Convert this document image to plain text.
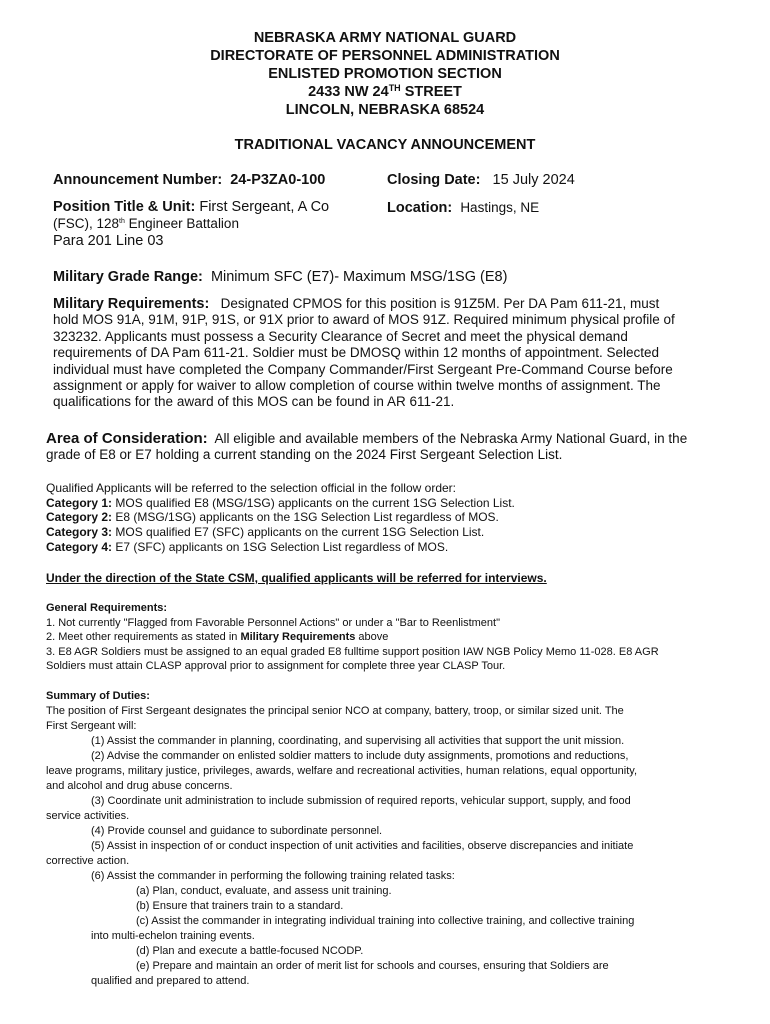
NEBRASKA ARMY NATIONAL GUARD
DIRECTORATE OF PERSONNEL ADMINISTRATION
ENLISTED PROMOTION SECTION
2433 NW 24TH STREET
LINCOLN, NEBRASKA 68524
TRADITIONAL VACANCY ANNOUNCEMENT
Announcement Number: 24-P3ZA0-100	Closing Date: 15 July 2024
Position Title & Unit: First Sergeant, A Co
(FSC), 128th Engineer Battalion
Para 201 Line 03
Location: Hastings, NE
Military Grade Range: Minimum SFC (E7)- Maximum MSG/1SG (E8)
Military Requirements: Designated CPMOS for this position is 91Z5M. Per DA Pam 611-21, must
hold MOS 91A, 91M, 91P, 91S, or 91X prior to award of MOS 91Z. Required minimum physical profile of
323232. Applicants must possess a Security Clearance of Secret and meet the physical demand
requirements of DA Pam 611-21. Soldier must be DMOSQ within 12 months of appointment. Selected
individual must have completed the Company Commander/First Sergeant Pre-Command Course before
assignment or apply for waiver to allow completion of course within twelve months of assignment. The
qualifications for the award of this MOS can be found in AR 611-21.
Area of Consideration: All eligible and available members of the Nebraska Army National Guard, in the
grade of E8 or E7 holding a current standing on the 2024 First Sergeant Selection List.
Qualified Applicants will be referred to the selection official in the follow order:
Category 1: MOS qualified E8 (MSG/1SG) applicants on the current 1SG Selection List.
Category 2: E8 (MSG/1SG) applicants on the 1SG Selection List regardless of MOS.
Category 3: MOS qualified E7 (SFC) applicants on the current 1SG Selection List.
Category 4: E7 (SFC) applicants on 1SG Selection List regardless of MOS.
Under the direction of the State CSM, qualified applicants will be referred for interviews.
General Requirements:
1. Not currently "Flagged from Favorable Personnel Actions" or under a "Bar to Reenlistment"
2. Meet other requirements as stated in Military Requirements above
3. E8 AGR Soldiers must be assigned to an equal graded E8 fulltime support position IAW NGB Policy Memo 11-028. E8 AGR
Soldiers must attain CLASP approval prior to assignment for complete three year CLASP Tour.
Summary of Duties:
The position of First Sergeant designates the principal senior NCO at company, battery, troop, or similar sized unit. The
First Sergeant will:
(1) Assist the commander in planning, coordinating, and supervising all activities that support the unit mission.
(2) Advise the commander on enlisted soldier matters to include duty assignments, promotions and reductions,
leave programs, military justice, privileges, awards, welfare and recreational activities, human relations, equal opportunity,
and alcohol and drug abuse concerns.
(3) Coordinate unit administration to include submission of required reports, vehicular support, supply, and food
service activities.
(4) Provide counsel and guidance to subordinate personnel.
(5) Assist in inspection of or conduct inspection of unit activities and facilities, observe discrepancies and initiate
corrective action.
(6) Assist the commander in performing the following training related tasks:
(a) Plan, conduct, evaluate, and assess unit training.
(b) Ensure that trainers train to a standard.
(c) Assist the commander in integrating individual training into collective training, and collective training
into multi-echelon training events.
(d) Plan and execute a battle-focused NCODP.
(e) Prepare and maintain an order of merit list for schools and courses, ensuring that Soldiers are
qualified and prepared to attend.
